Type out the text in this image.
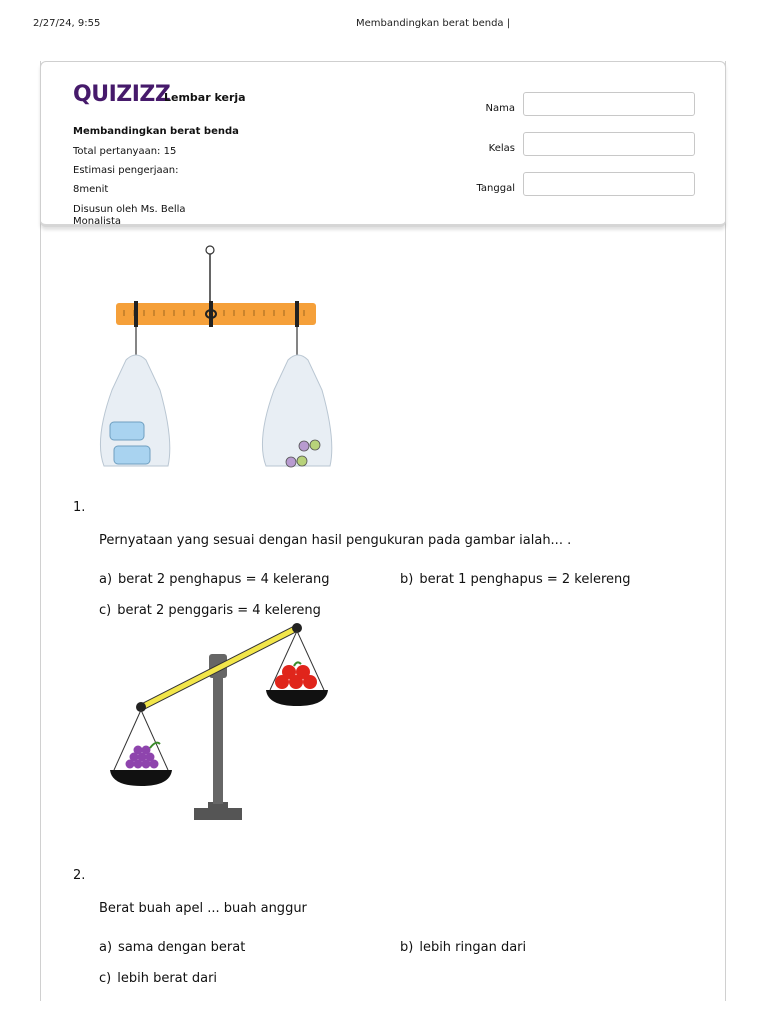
2/27/24, 9:55	Membandingkan berat benda |
QUIZIZZ
Lembar kerja
Membandingkan berat benda
Total pertanyaan: 15
Estimasi pengerjaan:
8menit
Disusun oleh Ms. Bella
Monalista
Nama
Kelas
Tanggal
1.
Pernyataan yang sesuai dengan hasil pengukuran pada gambar ialah... .
a) berat 2 penghapus = 4 kelerang	b) berat 1 penghapus = 2 kelereng
c) berat 2 penggaris = 4 kelereng
2.
Berat buah apel ... buah anggur
a) sama dengan berat	b) lebih ringan dari
c) lebih berat dari
